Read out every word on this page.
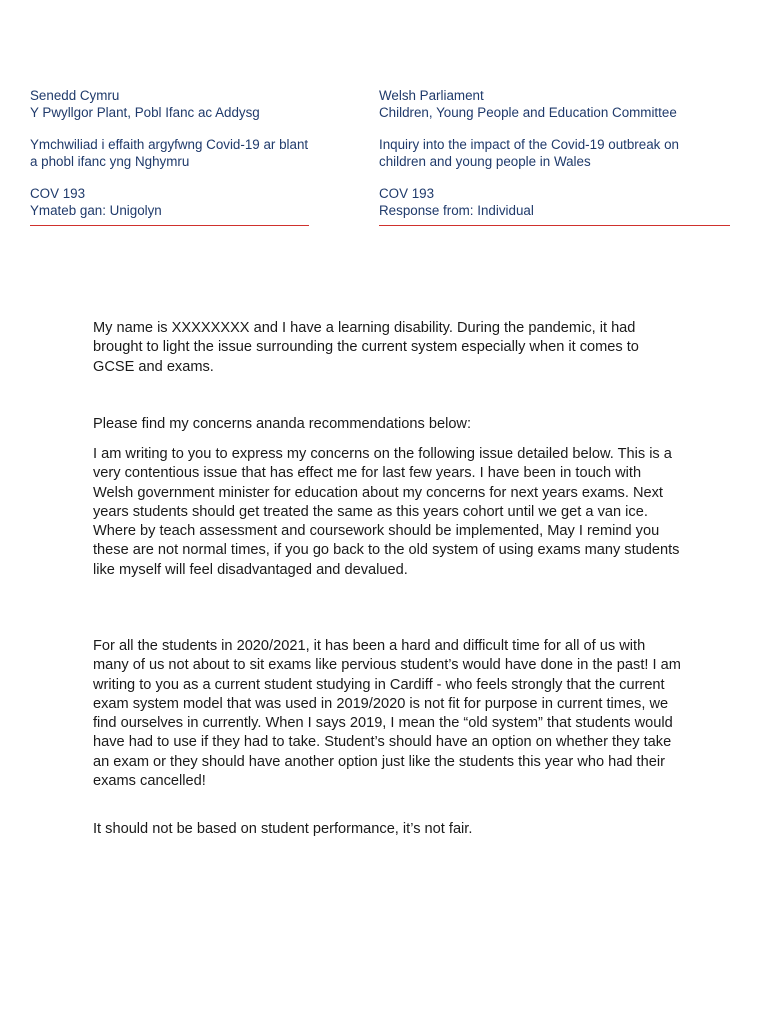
Senedd Cymru

Y Pwyllgor Plant, Pobl Ifanc ac Addysg

Ymchwiliad i effaith argyfwng Covid-19 ar blant

a phobl ifanc yng Nghymru

COV 193

Ymateb gan: Unigolyn

Welsh Parliament

Children, Young People and Education Committee

Inquiry into the impact of the Covid-19 outbreak on

children and young people in Wales

COV 193

Response from: Individual

My name is XXXXXXXX and I have a learning disability. During the pandemic, it had brought to light the issue surrounding the current system especially when it comes to GCSE and exams.

Please find my concerns ananda recommendations below:

I am writing to you to express my concerns on the following issue detailed below. This is a very contentious issue that has effect me for last few years. I have been in touch with Welsh government minister for education about my concerns for next years exams. Next years students should get treated the same as this years cohort until we get a van ice. Where by teach assessment and coursework should be implemented, May I remind you these are not normal times, if you go back to the old system of using exams many students like myself will feel disadvantaged and devalued.

For all the students in 2020/2021, it has been a hard and difficult time for all of us with many of us not about to sit exams like pervious student’s would have done in the past! I am writing to you as a current student studying in Cardiff - who feels strongly that the current exam system model that was used in 2019/2020 is not fit for purpose in current times, we find ourselves in currently. When I says 2019, I mean the “old system” that students would have had to use if they had to take. Student’s should have an option on whether they take an exam or they should have another option just like the students this year who had their exams cancelled!

It should not be based on student performance, it’s not fair.
